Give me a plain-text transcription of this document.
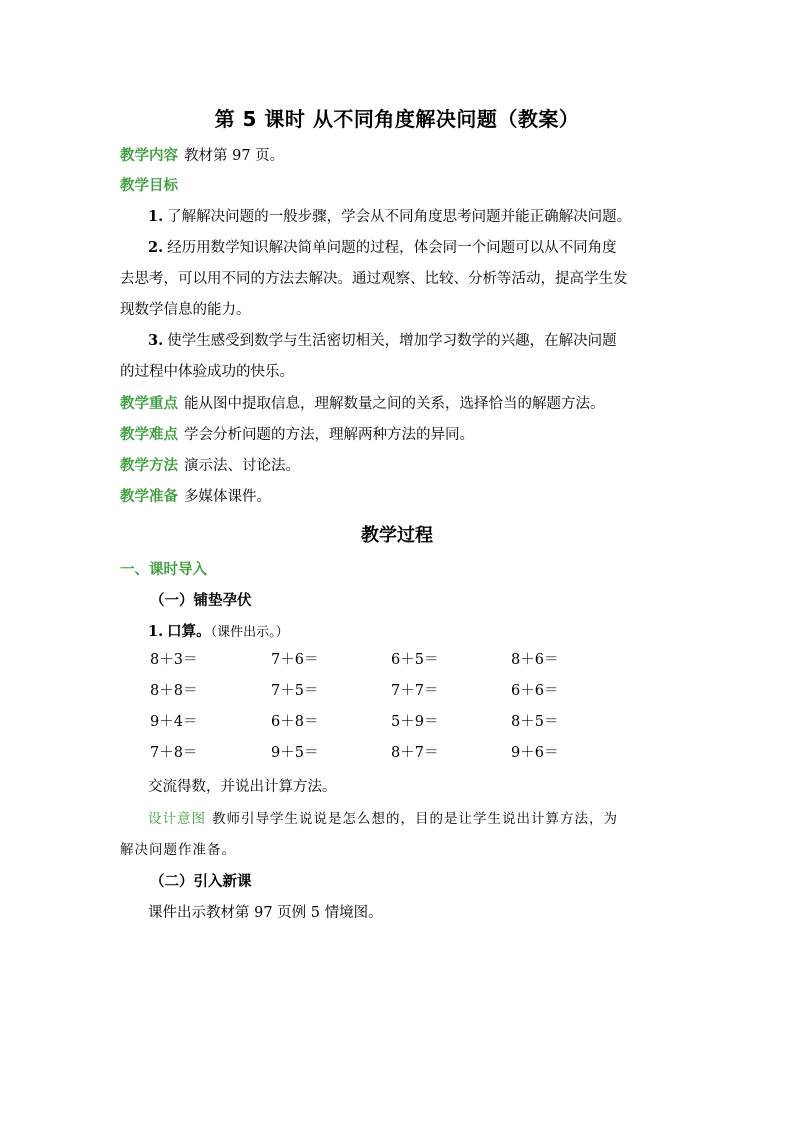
第 5 课时 从不同角度解决问题（教案）
教学内容 教材第 97 页。
教学目标
1. 了解解决问题的一般步骤，学会从不同角度思考问题并能正确解决问题。
2. 经历用数学知识解决简单问题的过程，体会同一个问题可以从不同角度
去思考，可以用不同的方法去解决。通过观察、比较、分析等活动，提高学生发
现数学信息的能力。
3. 使学生感受到数学与生活密切相关，增加学习数学的兴趣，在解决问题
的过程中体验成功的快乐。
教学重点 能从图中提取信息，理解数量之间的关系，选择恰当的解题方法。
教学难点 学会分析问题的方法，理解两种方法的异同。
教学方法 演示法、讨论法。
教学准备 多媒体课件。
教学过程
一、课时导入
（一）铺垫孕伏
1. 口算。（课件出示。）
8＋3＝	7＋6＝	6＋5＝	8＋6＝
8＋8＝	7＋5＝	7＋7＝	6＋6＝
9＋4＝	6＋8＝	5＋9＝	8＋5＝
7＋8＝	9＋5＝	8＋7＝	9＋6＝
交流得数，并说出计算方法。
设计意图 教师引导学生说说是怎么想的，目的是让学生说出计算方法，为
解决问题作准备。
（二）引入新课
课件出示教材第 97 页例 5 情境图。
